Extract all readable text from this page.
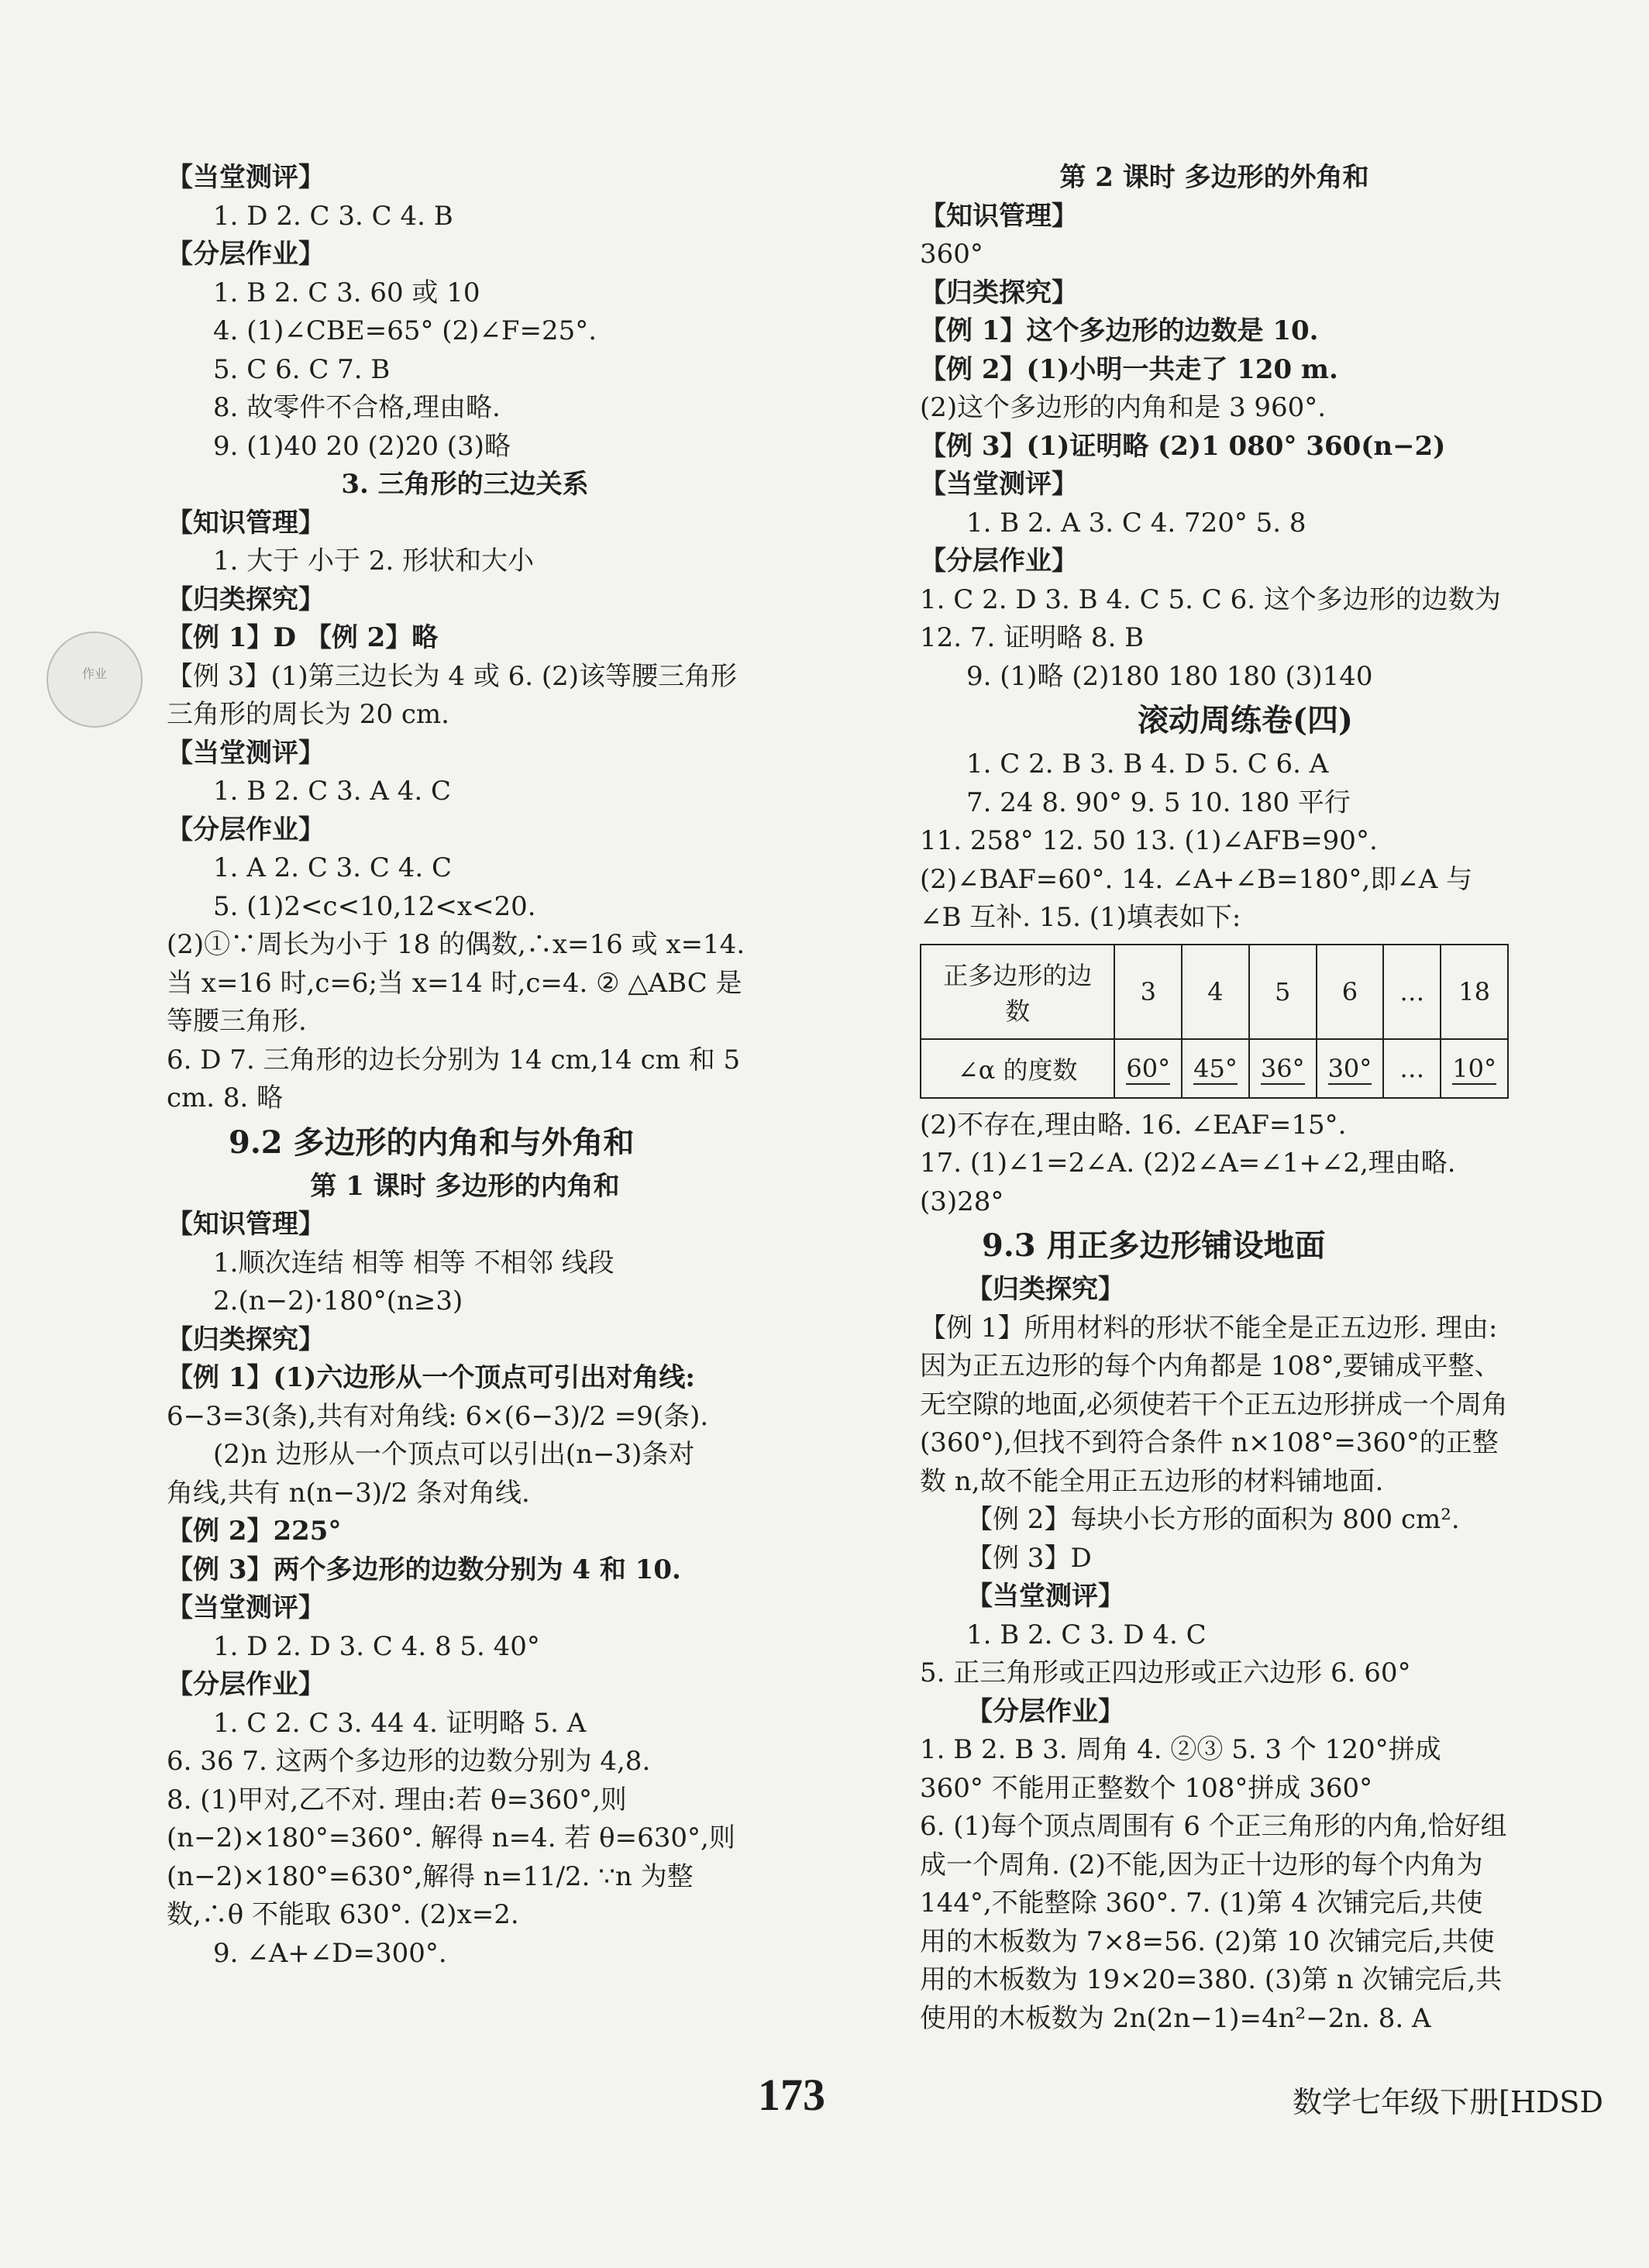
作业
【当堂测评】
1. D 2. C 3. C 4. B
【分层作业】
1. B 2. C 3. 60 或 10
4. (1)∠CBE=65° (2)∠F=25°.
5. C 6. C 7. B
8. 故零件不合格,理由略.
9. (1)40 20 (2)20 (3)略
3. 三角形的三边关系
【知识管理】
1. 大于 小于 2. 形状和大小
【归类探究】
【例 1】D 【例 2】略
【例 3】(1)第三边长为 4 或 6. (2)该等腰三角形三角形的周长为 20 cm.
【当堂测评】
1. B 2. C 3. A 4. C
【分层作业】
1. A 2. C 3. C 4. C
5. (1)2<c<10,12<x<20.
(2)①∵周长为小于 18 的偶数,∴x=16 或 x=14. 当 x=16 时,c=6;当 x=14 时,c=4. ② △ABC 是等腰三角形.
6. D 7. 三角形的边长分别为 14 cm,14 cm 和 5 cm. 8. 略
9.2 多边形的内角和与外角和
第 1 课时 多边形的内角和
【知识管理】
1.顺次连结 相等 相等 不相邻 线段
2.(n−2)·180°(n≥3)
【归类探究】
【例 1】(1)六边形从一个顶点可引出对角线:
6−3=3(条),共有对角线: 6×(6−3)/2 =9(条).
(2)n 边形从一个顶点可以引出(n−3)条对
角线,共有 n(n−3)/2 条对角线.
【例 2】225°
【例 3】两个多边形的边数分别为 4 和 10.
【当堂测评】
1. D 2. D 3. C 4. 8 5. 40°
【分层作业】
1. C 2. C 3. 44 4. 证明略 5. A
6. 36 7. 这两个多边形的边数分别为 4,8.
8. (1)甲对,乙不对. 理由:若 θ=360°,则(n−2)×180°=360°. 解得 n=4. 若 θ=630°,则(n−2)×180°=630°,解得 n=11/2. ∵n 为整数,∴θ 不能取 630°. (2)x=2.
9. ∠A+∠D=300°.
第 2 课时 多边形的外角和
【知识管理】
360°
【归类探究】
【例 1】这个多边形的边数是 10.
【例 2】(1)小明一共走了 120 m.
(2)这个多边形的内角和是 3 960°.
【例 3】(1)证明略 (2)1 080° 360(n−2)
【当堂测评】
1. B 2. A 3. C 4. 720° 5. 8
【分层作业】
1. C 2. D 3. B 4. C 5. C 6. 这个多边形的边数为 12. 7. 证明略 8. B
9. (1)略 (2)180 180 180 (3)140
滚动周练卷(四)
1. C 2. B 3. B 4. D 5. C 6. A
7. 24 8. 90° 9. 5 10. 180 平行
11. 258° 12. 50 13. (1)∠AFB=90°.
(2)∠BAF=60°. 14. ∠A+∠B=180°,即∠A 与∠B 互补. 15. (1)填表如下:
正多边形的边数	3	4	5	6	…	18
∠α 的度数	60°	45°	36°	30°	…	10°
(2)不存在,理由略. 16. ∠EAF=15°.
17. (1)∠1=2∠A. (2)2∠A=∠1+∠2,理由略. (3)28°
9.3 用正多边形铺设地面
【归类探究】
【例 1】所用材料的形状不能全是正五边形. 理由:因为正五边形的每个内角都是 108°,要铺成平整、无空隙的地面,必须使若干个正五边形拼成一个周角(360°),但找不到符合条件 n×108°=360°的正整数 n,故不能全用正五边形的材料铺地面.
【例 2】每块小长方形的面积为 800 cm².
【例 3】D
【当堂测评】
1. B 2. C 3. D 4. C
5. 正三角形或正四边形或正六边形 6. 60°
【分层作业】
1. B 2. B 3. 周角 4. ②③ 5. 3 个 120°拼成 360° 不能用正整数个 108°拼成 360°
6. (1)每个顶点周围有 6 个正三角形的内角,恰好组成一个周角. (2)不能,因为正十边形的每个内角为 144°,不能整除 360°. 7. (1)第 4 次铺完后,共使用的木板数为 7×8=56. (2)第 10 次铺完后,共使用的木板数为 19×20=380. (3)第 n 次铺完后,共使用的木板数为 2n(2n−1)=4n²−2n. 8. A
173	数学七年级下册[HDSD
